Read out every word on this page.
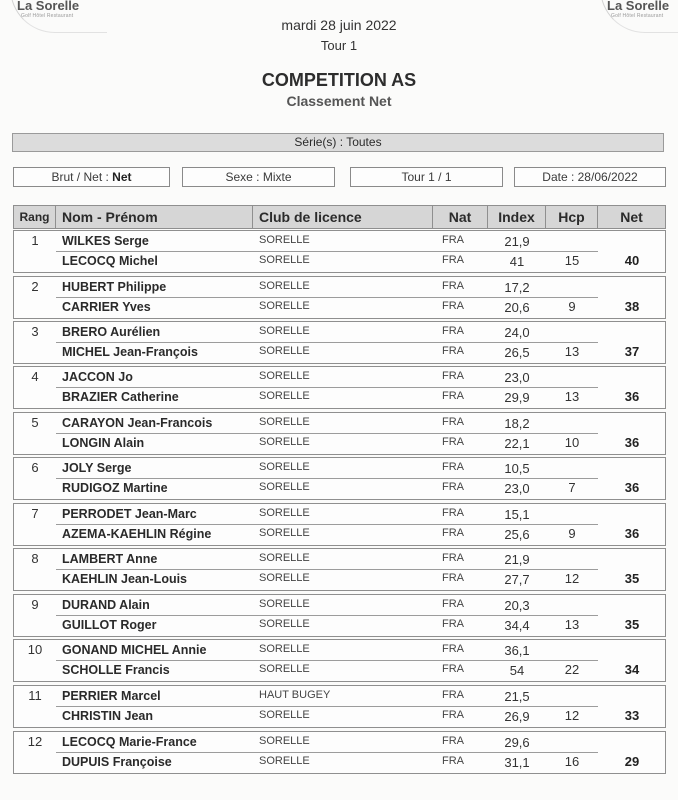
La Sorelle
Golf Hôtel Restaurant
La Sorelle
Golf Hôtel Restaurant
mardi 28 juin 2022
Tour 1
COMPETITION AS
Classement Net
Série(s) : Toutes
Brut / Net : Net	Sexe : Mixte	Tour 1 / 1	Date : 28/06/2022
Rang Nom - Prénom	Club de licence	Nat	Index	Hcp	Net
1	WILKES Serge	SORELLE	FRA	21,9
LECOCQ Michel	SORELLE	FRA	41	15	40
2	HUBERT Philippe	SORELLE	FRA	17,2
CARRIER Yves	SORELLE	FRA	20,6	9	38
3	BRERO Aurélien	SORELLE	FRA	24,0
MICHEL Jean-François	SORELLE	FRA	26,5	13	37
4	JACCON Jo	SORELLE	FRA	23,0
BRAZIER Catherine	SORELLE	FRA	29,9	13	36
5	CARAYON Jean-Francois	SORELLE	FRA	18,2
LONGIN Alain	SORELLE	FRA	22,1	10	36
6	JOLY Serge	SORELLE	FRA	10,5
RUDIGOZ Martine	SORELLE	FRA	23,0	7	36
7	PERRODET Jean-Marc	SORELLE	FRA	15,1
AZEMA-KAEHLIN Régine	SORELLE	FRA	25,6	9	36
8	LAMBERT Anne	SORELLE	FRA	21,9
KAEHLIN Jean-Louis	SORELLE	FRA	27,7	12	35
9	DURAND Alain	SORELLE	FRA	20,3
GUILLOT Roger	SORELLE	FRA	34,4	13	35
10	GONAND MICHEL Annie	SORELLE	FRA	36,1
SCHOLLE Francis	SORELLE	FRA	54	22	34
11	PERRIER Marcel	HAUT BUGEY	FRA	21,5
CHRISTIN Jean	SORELLE	FRA	26,9	12	33
12	LECOCQ Marie-France	SORELLE	FRA	29,6
DUPUIS Françoise	SORELLE	FRA	31,1	16	29
